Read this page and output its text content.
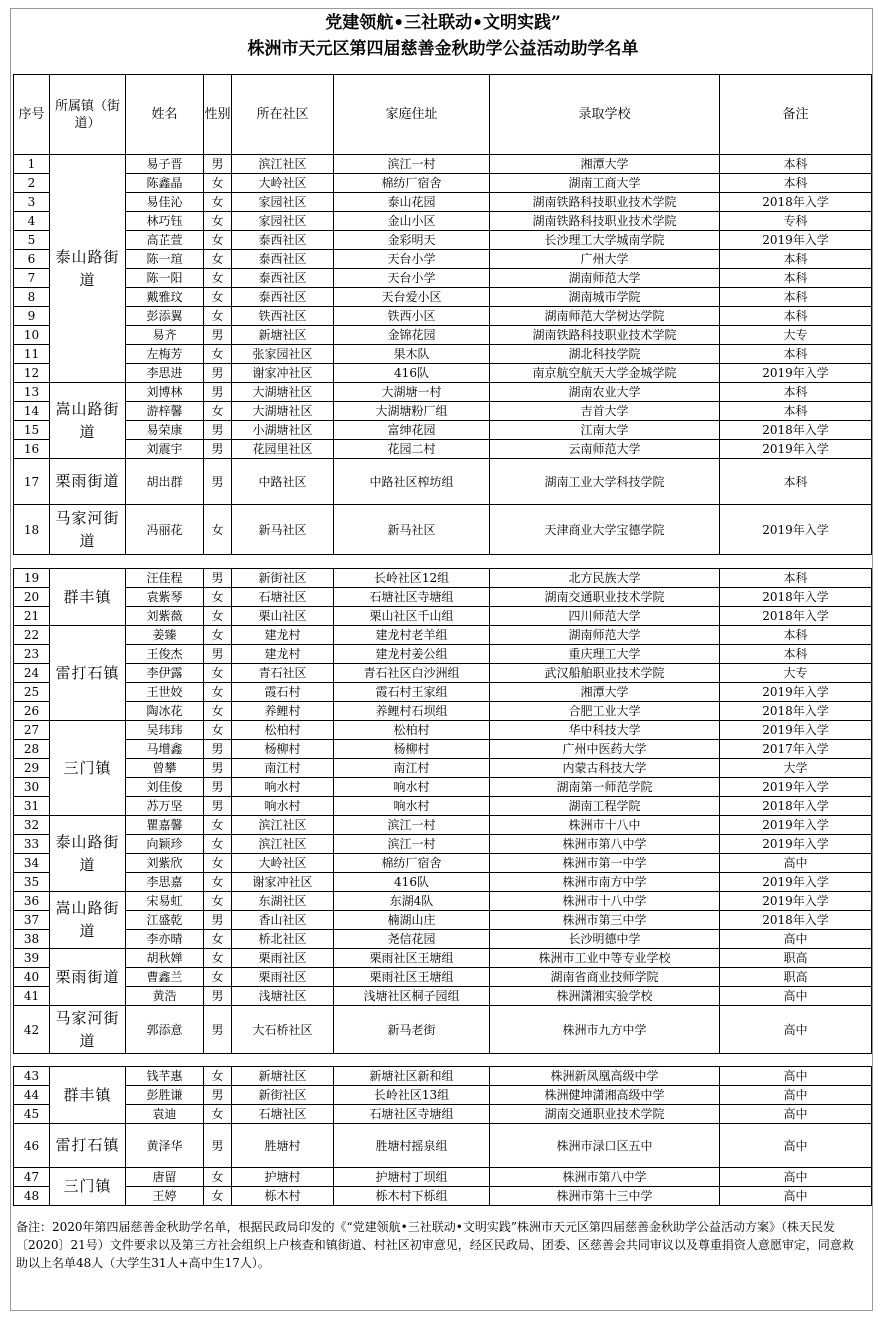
党建领航•三社联动•文明实践”
株洲市天元区第四届慈善金秋助学公益活动助学名单
序号	所属镇（街道）	姓名	性别	所在社区	家庭住址	录取学校	备注
1	泰山路街道	易子晋	男	滨江社区	滨江一村	湘潭大学	本科
2		陈鑫晶	女	大岭社区	棉纺厂宿舍	湖南工商大学	本科
3		易佳沁	女	家园社区	泰山花园	湖南铁路科技职业技术学院	2018年入学
4		林巧钰	女	家园社区	金山小区	湖南铁路科技职业技术学院	专科
5		高芷萱	女	泰西社区	金彩明天	长沙理工大学城南学院	2019年入学
6		陈一瑄	女	泰西社区	天台小学	广州大学	本科
7		陈一阳	女	泰西社区	天台小学	湖南师范大学	本科
8		戴雅玟	女	泰西社区	天台爱小区	湖南城市学院	本科
9		彭添翼	女	铁西社区	铁西小区	湖南师范大学树达学院	本科
10		易齐	男	新塘社区	金锦花园	湖南铁路科技职业技术学院	大专
11		左梅芳	女	张家园社区	果木队	湖北科技学院	本科
12		李思进	男	谢家冲社区	416队	南京航空航天大学金城学院	2019年入学
13	嵩山路街道	刘博林	男	大湖塘社区	大湖塘一村	湖南农业大学	本科
14		游梓馨	女	大湖塘社区	大湖塘粉厂组	吉首大学	本科
15		易荣康	男	小湖塘社区	富绅花园	江南大学	2018年入学
16		刘震宇	男	花园里社区	花园二村	云南师范大学	2019年入学
17	栗雨街道	胡出群	男	中路社区	中路社区榨坊组	湖南工业大学科技学院	本科
18	马家河街道	冯丽花	女	新马社区	新马社区	天津商业大学宝德学院	2019年入学
19	群丰镇	汪佳程	男	新街社区	长岭社区12组	北方民族大学	本科
20		袁紫琴	女	石塘社区	石塘社区寺塘组	湖南交通职业技术学院	2018年入学
21		刘紫薇	女	栗山社区	栗山社区千山组	四川师范大学	2018年入学
22	雷打石镇	姜臻	女	建龙村	建龙村老羊组	湖南师范大学	本科
23		王俊杰	男	建龙村	建龙村姜公组	重庆理工大学	本科
24		李伊露	女	青石社区	青石社区白沙洲组	武汉船舶职业技术学院	大专
25		王世姣	女	霞石村	霞石村王家组	湘潭大学	2019年入学
26		陶冰花	女	养鲤村	养鲤村石坝组	合肥工业大学	2018年入学
27	三门镇	吴玮玮	女	松柏村	松柏村	华中科技大学	2019年入学
28		马增鑫	男	杨柳村	杨柳村	广州中医药大学	2017年入学
29		曾攀	男	南江村	南江村	内蒙古科技大学	大学
30		刘佳俊	男	响水村	响水村	湖南第一师范学院	2019年入学
31		苏万坚	男	响水村	响水村	湖南工程学院	2018年入学
32	泰山路街道	瞿嘉馨	女	滨江社区	滨江一村	株洲市十八中	2019年入学
33		向颖珍	女	滨江社区	滨江一村	株洲市第八中学	2019年入学
34		刘紫欣	女	大岭社区	棉纺厂宿舍	株洲市第一中学	高中
35		李思嘉	女	谢家冲社区	416队	株洲市南方中学	2019年入学
36	嵩山路街道	宋易虹	女	东湖社区	东湖4队	株洲市十八中学	2019年入学
37		江盛乾	男	香山社区	楠湖山庄	株洲市第三中学	2018年入学
38		李亦晴	女	桥北社区	尧信花园	长沙明德中学	高中
39	栗雨街道	胡秋婵	女	栗雨社区	栗雨社区王塘组	株洲市工业中等专业学校	职高
40		曹鑫兰	女	栗雨社区	栗雨社区王塘组	湖南省商业技师学院	职高
41		黄浩	男	浅塘社区	浅塘社区桐子园组	株洲潇湘实验学校	高中
42	马家河街道	郭添意	男	大石桥社区	新马老街	株洲市九方中学	高中
43	群丰镇	钱芊惠	女	新塘社区	新塘社区新和组	株洲新凤凰高级中学	高中
44		彭胜谦	男	新街社区	长岭社区13组	株洲健坤潇湘高级中学	高中
45		袁迪	女	石塘社区	石塘社区寺塘组	湖南交通职业技术学院	高中
46	雷打石镇	黄泽华	男	胜塘村	胜塘村摇泉组	株洲市渌口区五中	高中
47	三门镇	唐留	女	护塘村	护塘村丁坝组	株洲市第八中学	高中
48		王婷	女	栎木村	栎木村下栎组	株洲市第十三中学	高中
备注：2020年第四届慈善金秋助学名单，根据民政局印发的《“党建领航•三社联动•文明实践”株洲市天元区第四届慈善金秋助学公益活动方案》（株天民发〔2020〕21号）文件要求以及第三方社会组织上户核查和镇街道、村社区初审意见，经区民政局、团委、区慈善会共同审议以及尊重捐资人意愿审定，同意救助以上名单48人（大学生31人+高中生17人）。
